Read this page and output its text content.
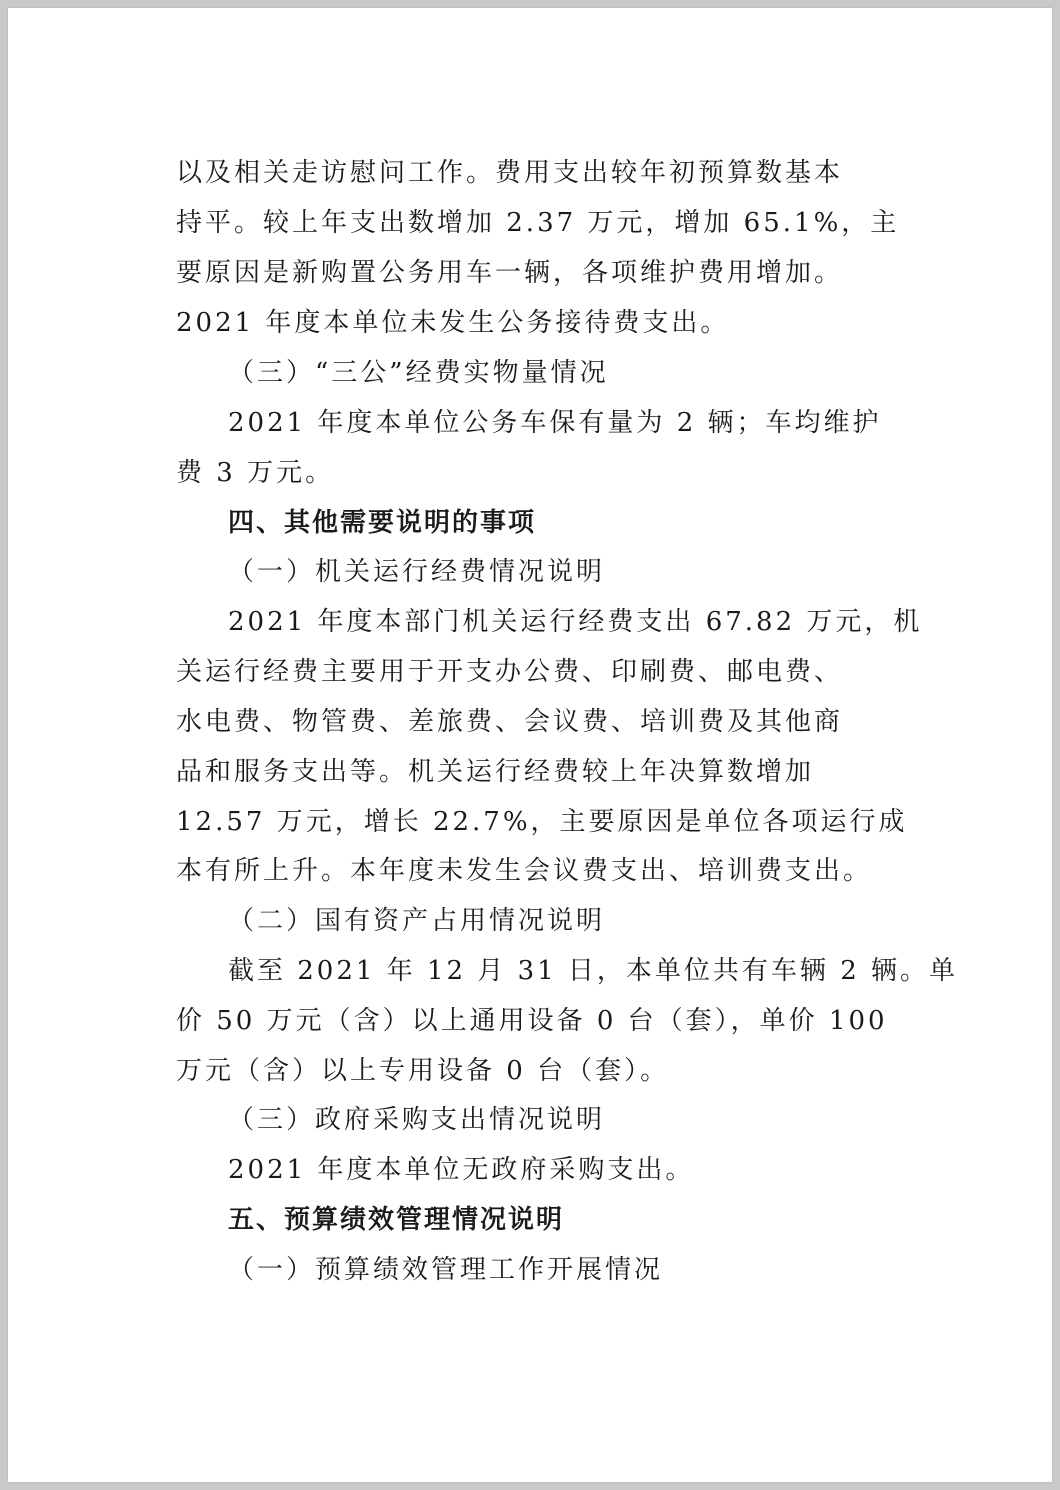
以及相关走访慰问工作。费用支出较年初预算数基本
持平。较上年支出数增加 2.37 万元，增加 65.1%，主
要原因是新购置公务用车一辆，各项维护费用增加。
2021 年度本单位未发生公务接待费支出。
（三）“三公”经费实物量情况
2021 年度本单位公务车保有量为 2 辆；车均维护
费 3 万元。
四、其他需要说明的事项
（一）机关运行经费情况说明
2021 年度本部门机关运行经费支出 67.82 万元，机
关运行经费主要用于开支办公费、印刷费、邮电费、
水电费、物管费、差旅费、会议费、培训费及其他商
品和服务支出等。机关运行经费较上年决算数增加
12.57 万元，增长 22.7%，主要原因是单位各项运行成
本有所上升。本年度未发生会议费支出、培训费支出。
（二）国有资产占用情况说明
截至 2021 年 12 月 31 日，本单位共有车辆 2 辆。单
价 50 万元（含）以上通用设备 0 台（套），单价 100
万元（含）以上专用设备 0 台（套）。
（三）政府采购支出情况说明
2021 年度本单位无政府采购支出。
五、预算绩效管理情况说明
（一）预算绩效管理工作开展情况
